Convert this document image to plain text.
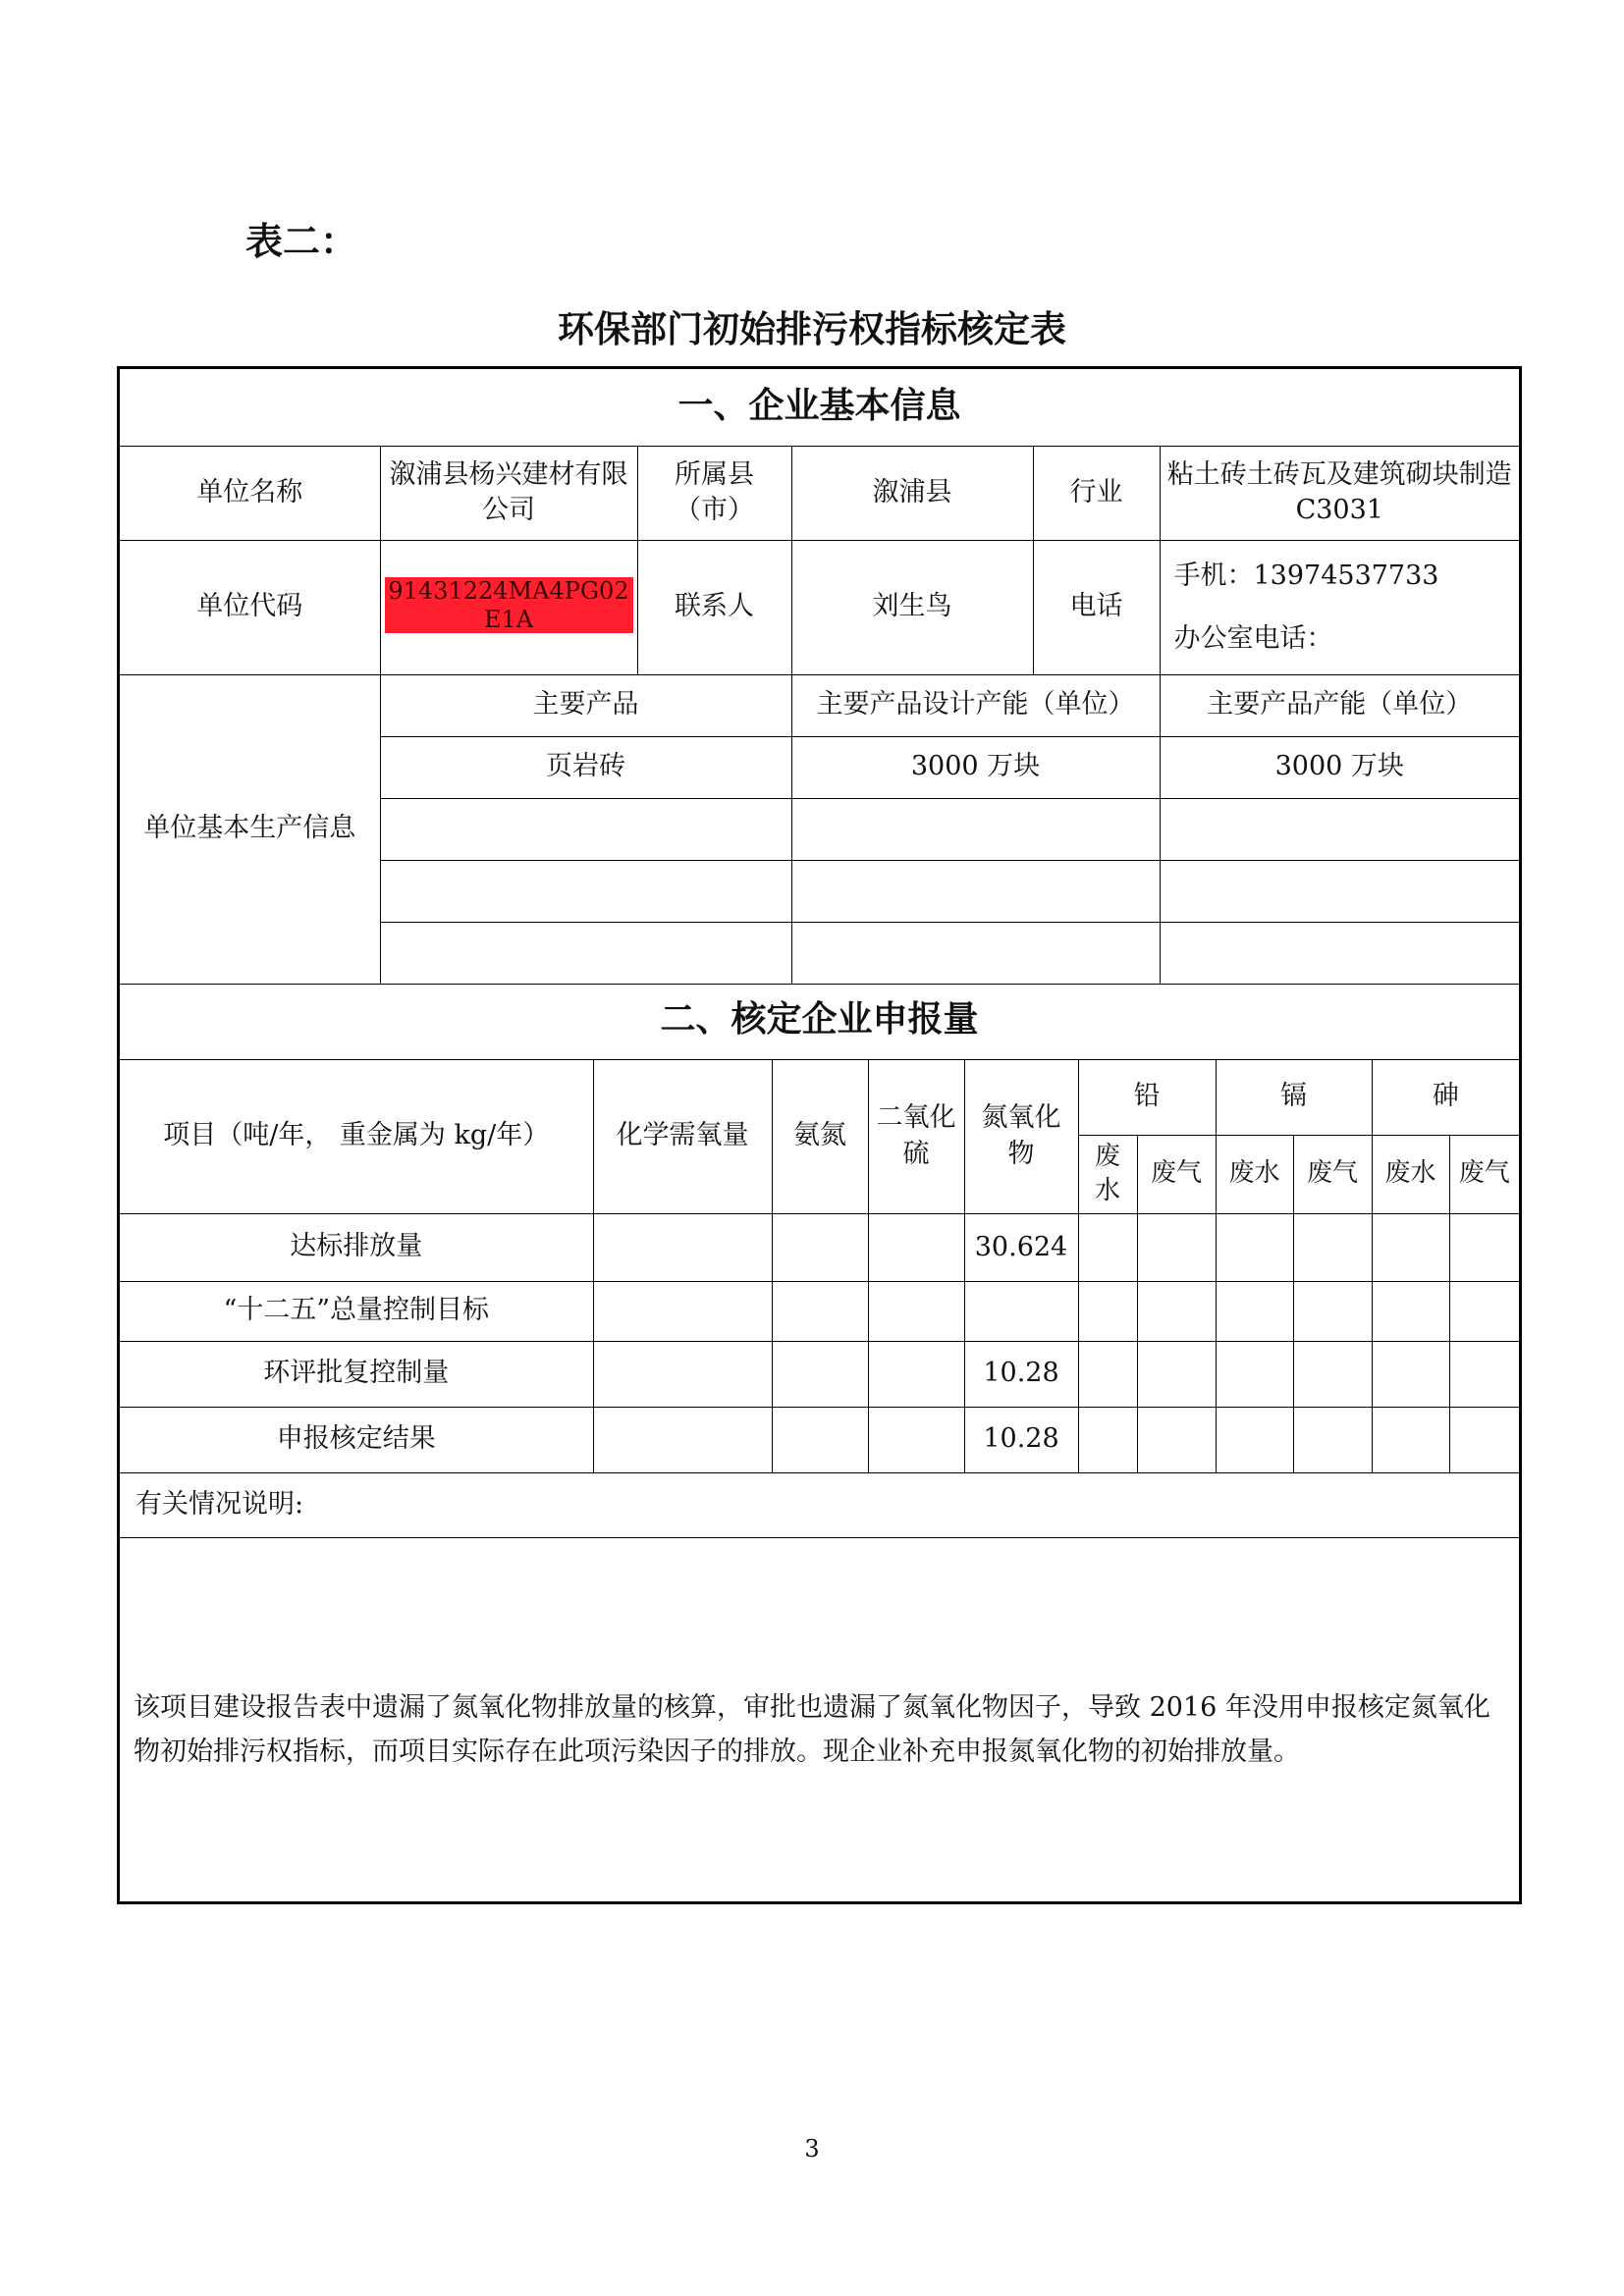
表二：
环保部门初始排污权指标核定表
一、企业基本信息					
单位名称	溆浦县杨兴建材有限公司	所属县（市）	溆浦县	行业	粘土砖土砖瓦及建筑砌块制造 C3031
单位代码	91431224MA4PG02E1A	联系人	刘生鸟	电话	手机：13974537733
办公室电话：

单位基本生产信息	主要产品		主要产品设计产能（单位）		主要产品产能（单位）
	页岩砖		3000 万块		3000 万块

二、核定企业申报量										
项目（吨/年， 重金属为 kg/年）	化学需氧量	氨氮	二氧化硫	氮氧化物	铅		镉		砷	
					废水	废气	废水	废气	废水	废气
达标排放量				30.624						
“十二五”总量控制目标										
环评批复控制量				10.28						
申报核定结果				10.28						
有关情况说明:										

该项目建设报告表中遗漏了氮氧化物排放量的核算，审批也遗漏了氮氧化物因子，导致 2016 年没用申报核定氮氧化物初始排污权指标，而项目实际存在此项污染因子的排放。现企业补充申报氮氧化物的初始排放量。										

3
